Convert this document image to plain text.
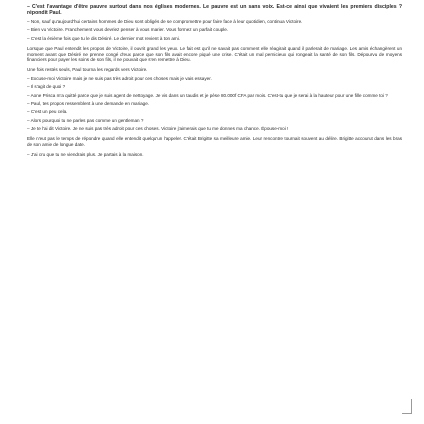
– C'est l'avantage d'être pauvre surtout dans nos églises modernes. Le pauvre est un sans voix. Est-ce ainsi que vivaient les premiers disciples ? répondit Paul.

– Non, sauf qu'aujourd'hui certains hommes de Dieu sont obligés de se compromettre pour faire face à leur quotidien, continua Victoire.

– Bien vu Victoire. Franchement vous devriez penser à vous marier. Vous formez un parfait couple.

– C'est la énième fois que tu le dis Désiré. Le dernier mot revient à ton ami.

Lorsque que Paul entendit les propos de Victoire, il ouvrit grand les yeux. Le fait est qu'il ne savait pas comment elle réagirait quand il parlerait de mariage. Les amis échangèrent un moment avant que Désiré ne prenne congé d'eux parce que son fils avait encore piqué une crise. C'était un mal pernicieux qui rongeait la santé de son fils. Dépourvu de moyens financiers pour payer les soins de son fils, il ne pouvait que s'en remettre à Dieu.

Une fois restés seuls, Paul tourna les regards vers Victoire.

– Excuse-moi Victoire mais je ne suis pas très adroit pour ces choses mais je vais essayer.

– Il s'agit de quoi ?

– Aone Prisca m'a quitté parce que je suis agent de nettoyage. Je vis dans un taudis et je pèse 80.000f CFA par mois. C'est-tu que je serai à la hauteur pour une fille comme toi ?

– Paul, tes propos ressemblent à une demande en mariage.

– C'est un peu cela.

– Alors pourquoi tu ne parles pas comme un gentleman ?

– Je te l'ai dit Victoire. Je ne suis pas très adroit pour ces choses. Victoire j'aimerais que tu me donnes ma chance. Épouse-moi !

Elle n'eut pas le temps de répondre quand elle entendit quelqu'un l'appeler. C'était Brigitte sa meilleure amie. Leur rencontre tournait souvent au délire. Brigitte accourut dans les bras de son amie de longue date.

– J'ai cru que tu ne viendrais plus. Je partais à la maison.
